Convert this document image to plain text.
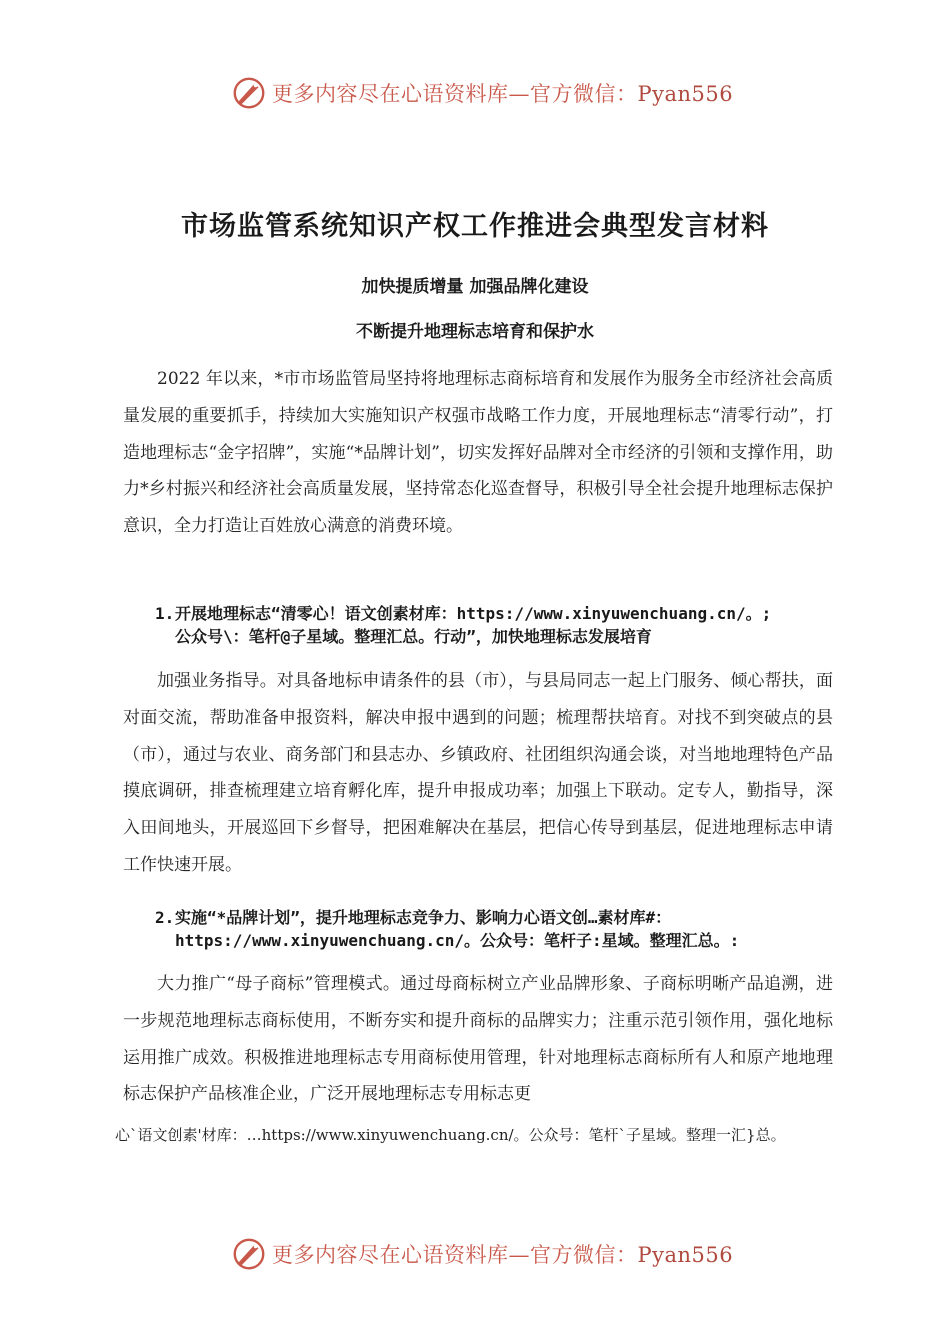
更多内容尽在心语资料库—官方微信：Pyan556
市场监管系统知识产权工作推进会典型发言材料
加快提质增量 加强品牌化建设
不断提升地理标志培育和保护水

2022 年以来，*市市场监管局坚持将地理标志商标培育和发展作为服务全市经济社会高质量发展的重要抓手，持续加大实施知识产权强市战略工作力度，开展地理标志“清零行动”，打造地理标志“金字招牌”，实施“*品牌计划”，切实发挥好品牌对全市经济的引领和支撑作用，助力*乡村振兴和经济社会高质量发展，坚持常态化巡查督导，积极引导全社会提升地理标志保护意识，全力打造让百姓放心满意的消费环境。

1.开展地理标志“清零心！语文创素材库：https://www.xinyuwenchuang.cn/。;
公众号\：笔杆@子星域。整理汇总。行动”，加快地理标志发展培育

加强业务指导。对具备地标申请条件的县（市），与县局同志一起上门服务、倾心帮扶，面对面交流，帮助准备申报资料，解决申报中遇到的问题；梳理帮扶培育。对找不到突破点的县（市），通过与农业、商务部门和县志办、乡镇政府、社团组织沟通会谈，对当地地理特色产品摸底调研，排查梳理建立培育孵化库，提升申报成功率；加强上下联动。定专人，勤指导，深入田间地头，开展巡回下乡督导，把困难解决在基层，把信心传导到基层，促进地理标志申请工作快速开展。

2.实施“*品牌计划”，提升地理标志竞争力、影响力心语文创…素材库#：
https://www.xinyuwenchuang.cn/。公众号：笔杆子:星域。整理汇总。:

大力推广“母子商标”管理模式。通过母商标树立产业品牌形象、子商标明晰产品追溯，进一步规范地理标志商标使用，不断夯实和提升商标的品牌实力；注重示范引领作用，强化地标运用推广成效。积极推进地理标志专用商标使用管理，针对地理标志商标所有人和原产地地理标志保护产品核准企业，广泛开展地理标志专用标志更

心`语文创素'材库：…https://www.xinyuwenchuang.cn/。公众号：笔杆`子星域。整理一汇}总。

更多内容尽在心语资料库—官方微信：Pyan556
